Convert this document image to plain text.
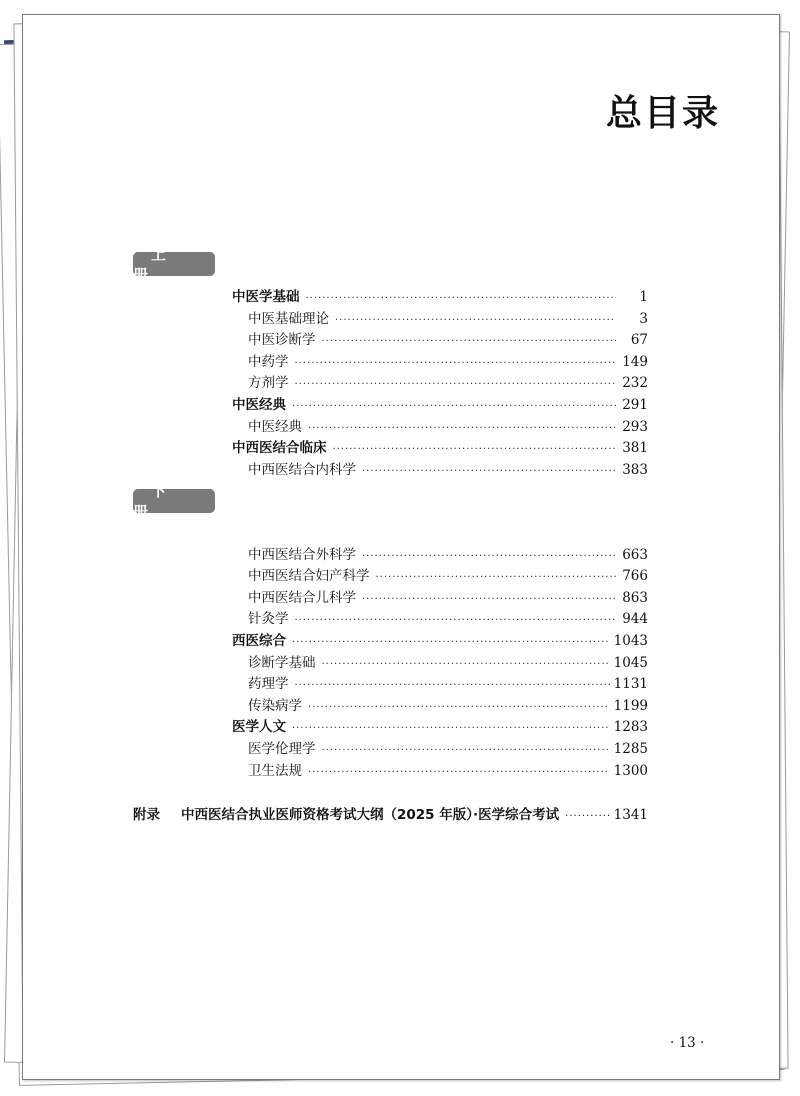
总目录
上 册
中医学基础 ·····	1
中医基础理论 ·····	3
中医诊断学 ·····	67
中药学 ·····	149
方剂学 ·····	232
中医经典 ·····	291
中医经典 ·····	293
中西医结合临床 ·····	381
中西医结合内科学 ·····	383
下 册
中西医结合外科学 ·····	663
中西医结合妇产科学 ·····	766
中西医结合儿科学 ·····	863
针灸学 ·····	944
西医综合 ·····	1043
诊断学基础 ·····	1045
药理学 ·····	1131
传染病学 ·····	1199
医学人文 ·····	1283
医学伦理学 ·····	1285
卫生法规 ·····	1300
附录	中西医结合执业医师资格考试大纲（2025 年版）·医学综合考试 ·····	1341
· 13 ·
